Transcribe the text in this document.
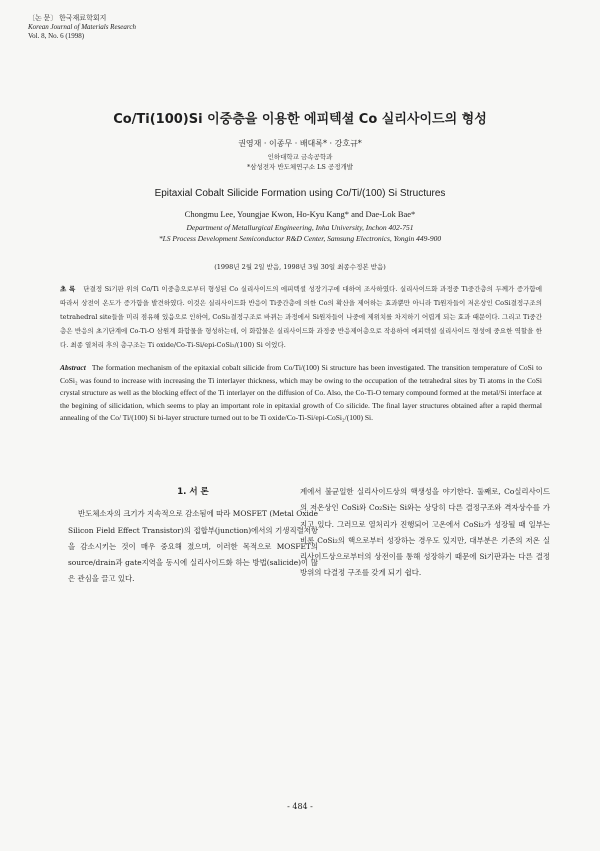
〔논 문〕 한국재료학회지
Korean Journal of Materials Research
Vol. 8, No. 6 (1998)
Co/Ti(100)Si 이중층을 이용한 에피텍셜 Co 실리사이드의 형성
권영재 · 이종무 · 배대록* · 강호규*
인하대학교 금속공학과
*삼성전자 반도체연구소 LS 공정개발
Epitaxial Cobalt Silicide Formation using Co/Ti/(100) Si Structures
Chongmu Lee, Youngjae Kwon, Ho-Kyu Kang* and Dae-Lok Bae*
Department of Metallurgical Engineering, Inha University, Inchon 402-751
*LS Process Development Semiconductor R&D Center, Samsung Electronics, Yongin 449-900
(1998년 2월 2일 받음, 1998년 3월 30일 최종수정본 받음)
초 록 단결정 Si기판 위의 Co/Ti 이중층으로부터 형성된 Co 실리사이드의 에피텍셜 성장기구에 대하여 조사하였다. 실리사이드화 과정중 Ti중간층의 두께가 증가함에 따라서 상전이 온도가 증가함을 발견하였다. 이것은 실리사이드화 반응이 Ti중간층에 의한 Co의 확산을 제어하는 효과뿐만 아니라 Ti원자들이 저온상인 CoSi결정구조의 tetrahedral site들을 미리 점유해 있음으로 인하여, CoSi₂결정구조로 바뀌는 과정에서 Si원자들이 나중에 제위치를 차지하기 어렵게 되는 효과 때문이다. 그리고 Ti중간층은 반응의 초기단계에 Co-Ti-O 삼원계 화합물을 형성하는데, 이 화합물은 실리사이드화 과정중 반응제어층으로 작용하여 에피텍셜 실리사이드 형성에 중요한 역할을 한다. 최종 열처리 후의 층구조는 Ti oxide/Co-Ti-Si/epi-CoSi₂/(100) Si 이었다.
Abstract The formation mechanism of the epitaxial cobalt silicide from Co/Ti/(100) Si structure has been investigated. The transition temperature of CoSi to CoSi₂ was found to increase with increasing the Ti interlayer thickness, which may be owing to the occupation of the tetrahedral sites by Ti atoms in the CoSi crystal structure as well as the blocking effect of the Ti interlayer on the diffusion of Co. Also, the Co-Ti-O ternary compound formed at the metal/Si interface at the begining of silicidation, which seems to play an important role in epitaxial growth of Co silicide. The final layer structures obtained after a rapid thermal annealing of the Co/ Ti/(100) Si bi-layer structure turned out to be Ti oxide/Co-Ti-Si/epi-CoSi₂/(100) Si.
1. 서 론

반도체소자의 크기가 지속적으로 감소됨에 따라 MOSFET (Metal Oxide Silicon Field Effect Transistor)의 접합부(junction)에서의 기생직렬저항을 감소시키는 것이 매우 중요해 졌으며, 이러한 목적으로 MOSFET의 source/drain과 gate지역을 동시에 실리사이드화 하는 방법(salicide)이 많은 관심을 끌고 있다.

계에서 불균일한 실리사이드상의 핵생성을 야기한다. 둘째로, Co실리사이드의 저온상인 CoSi와 Co₂Si는 Si와는 상당히 다른 결정구조와 격자상수를 가지고 있다. 그러므로 열처리가 진행되어 고온에서 CoSi₂가 성장될 때 일부는 비록 CoSi₂의 핵으로부터 성장하는 경우도 있지만, 대부분은 기존의 저온 실리사이드상으로부터의 상전이를 통해 성장하기 때문에 Si기판과는 다른 결정방위의 다결정 구조를 갖게 되기 쉽다.

- 484 -
